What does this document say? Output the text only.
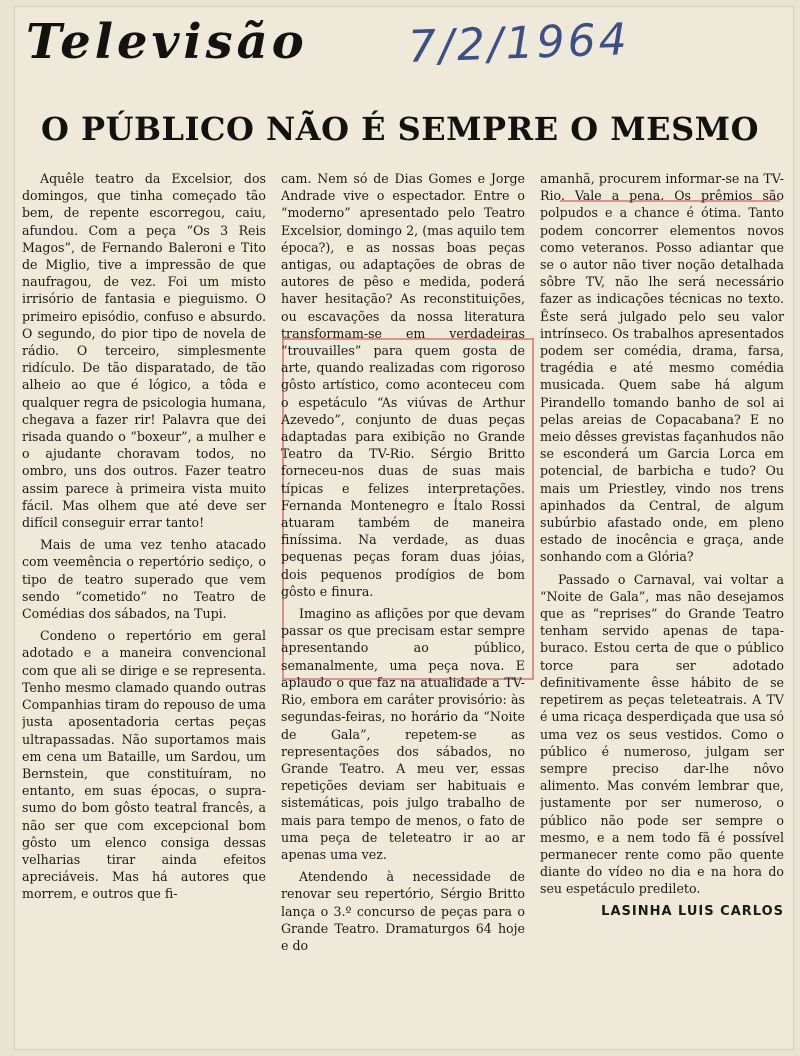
Televisão 7/2/1964
O PÚBLICO NÃO É SEMPRE O MESMO

Aquêle teatro da Excelsior, dos domingos, que tinha começado tão bem, de repente escorregou, caiu, afundou. Com a peça “Os 3 Reis Magos”, de Fernando Baleroni e Tito de Miglio, tive a impressão de que naufragou, de vez. Foi um misto irrisório de fantasia e pieguismo. O primeiro episódio, confuso e absurdo. O segundo, do pior tipo de novela de rádio. O terceiro, simplesmente ridículo. De tão disparatado, de tão alheio ao que é lógico, a tôda e qualquer regra de psicologia humana, chegava a fazer rir! Palavra que dei risada quando o “boxeur”, a mulher e o ajudante choravam todos, no ombro, uns dos outros. Fazer teatro assim parece à primeira vista muito fácil. Mas olhem que até deve ser difícil conseguir errar tanto!

Mais de uma vez tenho atacado com veemência o repertório sediço, o tipo de teatro superado que vem sendo “cometido” no Teatro de Comédias dos sábados, na Tupi.

Condeno o repertório em geral adotado e a maneira convencional com que ali se dirige e se representa. Tenho mesmo clamado quando outras Companhias tiram do repouso de uma justa aposentadoria certas peças ultrapassadas. Não suportamos mais em cena um Bataille, um Sardou, um Bernstein, que constituíram, no entanto, em suas épocas, o supra-sumo do bom gôsto teatral francês, a não ser que com excepcional bom gôsto um elenco consiga dessas velharias tirar ainda efeitos apreciáveis. Mas há autores que morrem, e outros que fi-

cam. Nem só de Dias Gomes e Jorge Andrade vive o espectador. Entre o “moderno” apresentado pelo Teatro Excelsior, domingo 2, (mas aquilo tem época?), e as nossas boas peças antigas, ou adaptações de obras de autores de pêso e medida, poderá haver hesitação? As reconstituições, ou escavações da nossa literatura transformam-se em verdadeiras “trouvailles” para quem gosta de arte, quando realizadas com rigoroso gôsto artístico, como aconteceu com o espetáculo “As viúvas de Arthur Azevedo”, conjunto de duas peças adaptadas para exibição no Grande Teatro da TV-Rio. Sérgio Britto forneceu-nos duas de suas mais típicas e felizes interpretações. Fernanda Montenegro e Ítalo Rossi atuaram também de maneira finíssima. Na verdade, as duas pequenas peças foram duas jóias, dois pequenos prodígios de bom gôsto e finura.

Imagino as aflições por que devam passar os que precisam estar sempre apresentando ao público, semanalmente, uma peça nova. E aplaudo o que faz na atualidade a TV-Rio, embora em caráter provisório: às segundas-feiras, no horário da “Noite de Gala”, repetem-se as representações dos sábados, no Grande Teatro. A meu ver, essas repetições deviam ser habituais e sistemáticas, pois julgo trabalho de mais para tempo de menos, o fato de uma peça de teleteatro ir ao ar apenas uma vez.

Atendendo à necessidade de renovar seu repertório, Sérgio Britto lança o 3.º concurso de peças para o Grande Teatro. Dramaturgos 64 hoje e do

amanhã, procurem informar-se na TV-Rio. Vale a pena. Os prêmios são polpudos e a chance é ótima. Tanto podem concorrer elementos novos como veteranos. Posso adiantar que se o autor não tiver noção detalhada sôbre TV, não lhe será necessário fazer as indicações técnicas no texto. Êste será julgado pelo seu valor intrínseco. Os trabalhos apresentados podem ser comédia, drama, farsa, tragédia e até mesmo comédia musicada. Quem sabe há algum Pirandello tomando banho de sol ai pelas areias de Copacabana? E no meio dêsses grevistas façanhudos não se esconderá um Garcia Lorca em potencial, de barbicha e tudo? Ou mais um Priestley, vindo nos trens apinhados da Central, de algum subúrbio afastado onde, em pleno estado de inocência e graça, ande sonhando com a Glória?

Passado o Carnaval, vai voltar a “Noite de Gala”, mas não desejamos que as “reprises” do Grande Teatro tenham servido apenas de tapa-buraco. Estou certa de que o público torce para ser adotado definitivamente êsse hábito de se repetirem as peças teleteatrais. A TV é uma ricaça desperdiçada que usa só uma vez os seus vestidos. Como o público é numeroso, julgam ser sempre preciso dar-lhe nôvo alimento. Mas convém lembrar que, justamente por ser numeroso, o público não pode ser sempre o mesmo, e a nem todo fã é possível permanecer rente como pão quente diante do vídeo no dia e na hora do seu espetáculo predileto.

LASINHA LUIS CARLOS
